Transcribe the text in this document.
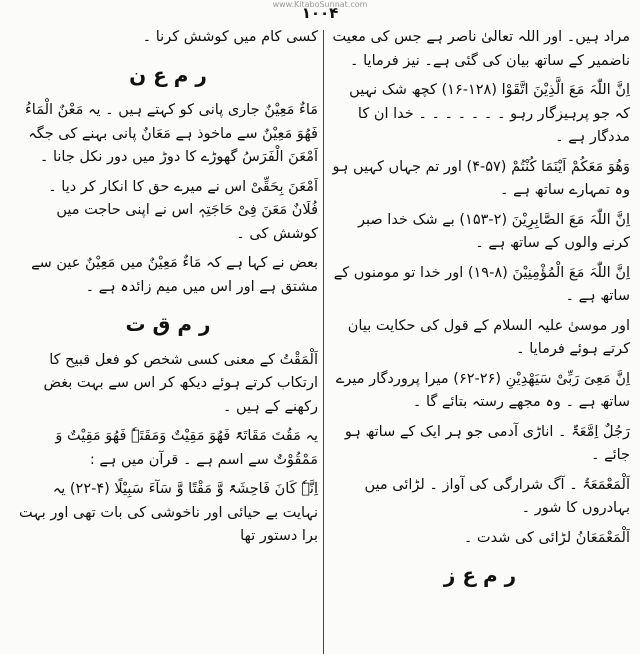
www.KitaboSunnat.com
۱۰۰۴

مراد ہیں۔ اور اللہ تعالیٰ ناصر ہے جس کی معیت ناضمیر کے ساتھ بیان کی گئی ہے۔ نیز فرمایا ۔

اِنَّ اللّٰہَ مَعَ الَّذِیْنَ اتَّقَوْا (۱۲۸-۱۶) کچھ شک نہیں کہ جو پرہیزگار رہو ۔ ۔ ۔ ۔ ۔ ۔ ۔ خدا ان کا مددگار ہے ۔

وَھُوَ مَعَکُمْ اَیْنَمَا کُنْتُمْ (۵۷-۴) اور تم جہاں کہیں ہو وہ تمہارے ساتھ ہے ۔

اِنَّ اللّٰہَ مَعَ الصَّابِرِیْنَ (۲-۱۵۳) بے شک خدا صبر کرنے والوں کے ساتھ ہے ۔

اِنَّ اللّٰہَ مَعَ الْمُؤْمِنِیْنَ (۸-۱۹) اور خدا تو مومنوں کے ساتھ ہے ۔

اور موسیٰ علیہ السلام کے قول کی حکایت بیان کرتے ہوئے فرمایا ۔

اِنَّ مَعِیَ رَبِّیْ سَیَھْدِیْنِ (۲۶-۶۲) میرا پروردگار میرے ساتھ ہے ۔ وہ مجھے رستہ بتائے گا ۔

رَجُلٌ اِمَّعَۃٌ ۔ اناڑی آدمی جو ہر ایک کے ساتھ ہو جائے ۔

اَلْمَعْمَعَۃُ ۔ آگ شرارگی کی آواز ۔ لڑائی میں بہادروں کا شور ۔

اَلْمَعْمَعَانُ لڑائی کی شدت ۔

ر م ع ز

کسی کام میں کوشش کرنا ۔

ر م ع ن

مَاءٌ مَعِیْنٌ جاری پانی کو کہتے ہیں ۔ یہ مَعْنٌ الْمَاءُ فَھُوَ مَعِیْنٌ سے ماخوذ ہے مَعَانٌ پانی بہنے کی جگہ اَمْعَنَ الْفَرَسُ گھوڑے کا دوڑ میں دور نکل جانا ۔

اَمْعَنَ بِحَقِّیْ اس نے میرے حق کا انکار کر دیا ۔ فُلَانٌ مَعَنَ فِیْ حَاجَتِہٖ اس نے اپنی حاجت میں کوشش کی ۔

بعض نے کہا ہے کہ مَاءٌ مَعِیْنٌ میں مَعِیْنٌ عین سے مشتق ہے اور اس میں میم زائدہ ہے ۔

ر م ق ت

اَلْمَقْتُ کے معنی کسی شخص کو فعل قبیح کا ارتکاب کرتے ہوئے دیکھ کر اس سے بہت بغض رکھنے کے ہیں ۔

یہ مَقُتَ مَقَاتَۃً فَھُوَ مَقِیْتٌ وَمَقَتَہٗ فَھُوَ مَقِیْتٌ وَ مَمْقُوْتٌ سے اسم ہے ۔ قرآن میں ہے :

اِنَّہٗ کَانَ فَاحِشَۃً وَّ مَقْتًا وَّ سَآءَ سَبِیْلًا (۴-۲۲) یہ نہایت بے حیائی اور ناخوشی کی بات تھی اور بہت برا دستور تھا
